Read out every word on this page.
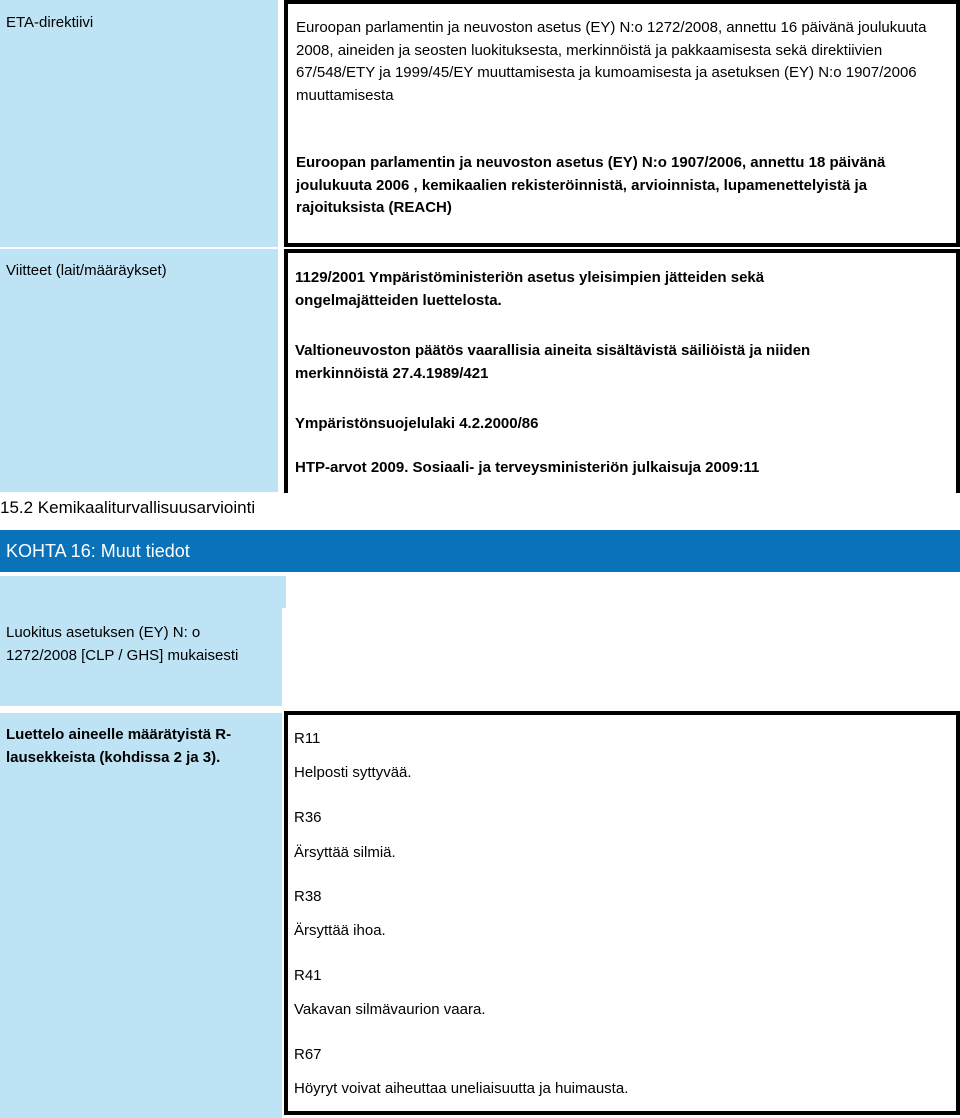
ETA-direktiivi	Euroopan parlamentin ja neuvoston asetus (EY) N:o 1272/2008, annettu 16 päivänä joulukuuta 2008, aineiden ja seosten luokituksesta, merkinnöistä ja pakkaamisesta sekä direktiivien 67/548/ETY ja 1999/45/EY muuttamisesta ja kumoamisesta ja asetuksen (EY) N:o 1907/2006 muuttamisesta
Euroopan parlamentin ja neuvoston asetus (EY) N:o 1907/2006, annettu 18 päivänä joulukuuta 2006 , kemikaalien rekisteröinnistä, arvioinnista, lupamenettelyistä ja rajoituksista (REACH)
Viitteet (lait/määräykset)	1129/2001 Ympäristöministeriön asetus yleisimpien jätteiden sekä ongelmajätteiden luettelosta.
Valtioneuvoston päätös vaarallisia aineita sisältävistä säiliöistä ja niiden merkinnöistä 27.4.1989/421
Ympäristönsuojelulaki 4.2.2000/86
HTP-arvot 2009. Sosiaali- ja terveysministeriön julkaisuja 2009:11
15.2 Kemikaaliturvallisuusarviointi
KOHTA 16: Muut tiedot
Luokitus asetuksen (EY) N: o 1272/2008 [CLP / GHS] mukaisesti
Luettelo aineelle määrätyistä R-lausekkeista (kohdissa 2 ja 3).
R11
Helposti syttyvää.
R36
Ärsyttää silmiä.
R38
Ärsyttää ihoa.
R41
Vakavan silmävaurion vaara.
R67
Höyryt voivat aiheuttaa uneliaisuutta ja huimausta.
